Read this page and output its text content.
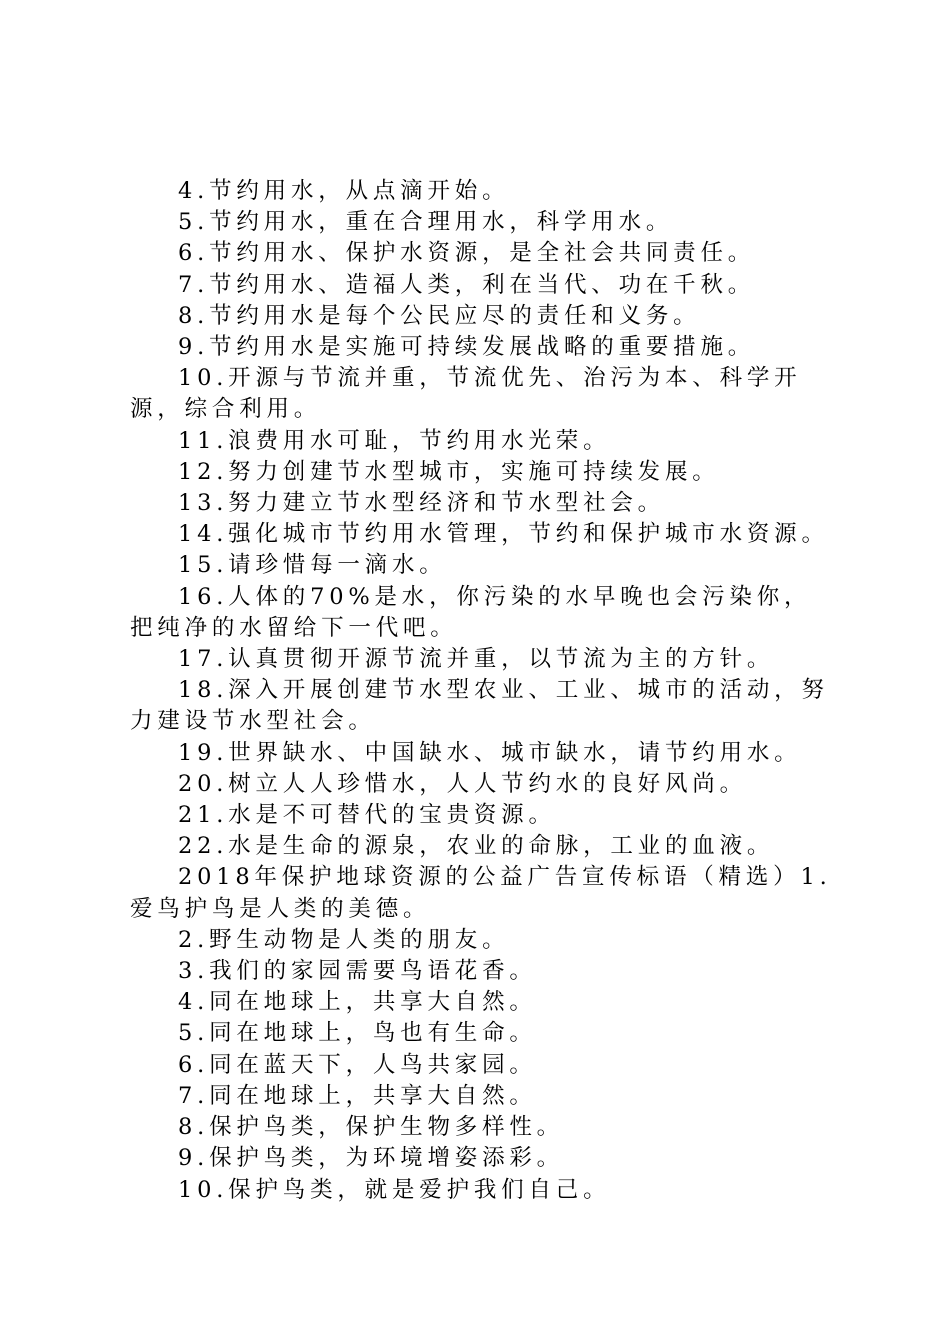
4.节约用水，从点滴开始。

5.节约用水，重在合理用水，科学用水。

6.节约用水、保护水资源，是全社会共同责任。

7.节约用水、造福人类，利在当代、功在千秋。

8.节约用水是每个公民应尽的责任和义务。

9.节约用水是实施可持续发展战略的重要措施。

10.开源与节流并重，节流优先、治污为本、科学开源，综合利用。

11.浪费用水可耻，节约用水光荣。

12.努力创建节水型城市，实施可持续发展。

13.努力建立节水型经济和节水型社会。

14.强化城市节约用水管理，节约和保护城市水资源。

15.请珍惜每一滴水。

16.人体的70%是水，你污染的水早晚也会污染你，把纯净的水留给下一代吧。

17.认真贯彻开源节流并重，以节流为主的方针。

18.深入开展创建节水型农业、工业、城市的活动，努力建设节水型社会。

19.世界缺水、中国缺水、城市缺水，请节约用水。

20.树立人人珍惜水，人人节约水的良好风尚。

21.水是不可替代的宝贵资源。

22.水是生命的源泉，农业的命脉，工业的血液。

2018年保护地球资源的公益广告宣传标语（精选）1.爱鸟护鸟是人类的美德。

2.野生动物是人类的朋友。

3.我们的家园需要鸟语花香。

4.同在地球上，共享大自然。

5.同在地球上，鸟也有生命。

6.同在蓝天下，人鸟共家园。

7.同在地球上，共享大自然。

8.保护鸟类，保护生物多样性。

9.保护鸟类，为环境增姿添彩。

10.保护鸟类，就是爱护我们自己。
